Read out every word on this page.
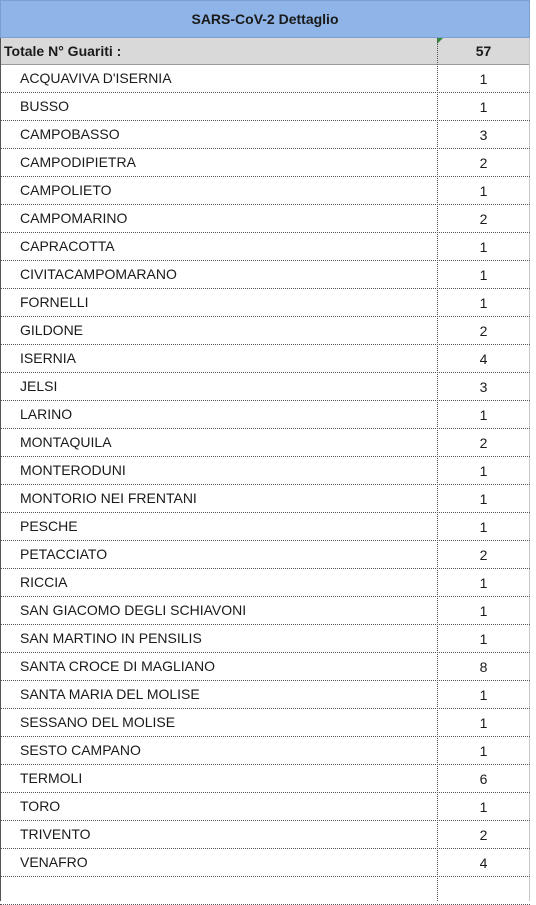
SARS-CoV-2 Dettaglio
Totale N° Guariti :	57
ACQUAVIVA D'ISERNIA	1
BUSSO	1
CAMPOBASSO	3
CAMPODIPIETRA	2
CAMPOLIETO	1
CAMPOMARINO	2
CAPRACOTTA	1
CIVITACAMPOMARANO	1
FORNELLI	1
GILDONE	2
ISERNIA	4
JELSI	3
LARINO	1
MONTAQUILA	2
MONTERODUNI	1
MONTORIO NEI FRENTANI	1
PESCHE	1
PETACCIATO	2
RICCIA	1
SAN GIACOMO DEGLI SCHIAVONI	1
SAN MARTINO IN PENSILIS	1
SANTA CROCE DI MAGLIANO	8
SANTA MARIA DEL MOLISE	1
SESSANO DEL MOLISE	1
SESTO CAMPANO	1
TERMOLI	6
TORO	1
TRIVENTO	2
VENAFRO	4
